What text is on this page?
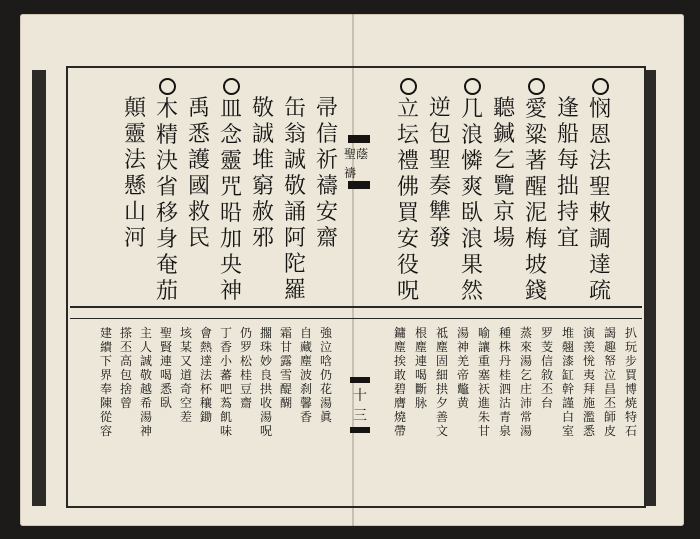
悯
恩
法
聖
敕
調
達
疏
逢
船
每
拙
持
宜
愛
粱
著
醒
泥
梅
坡
錢
聽
鍼
乞
覽
京
場
几
浪
憐
爽
臥
浪
果
然
逆
包
聖
奏
犨
發
立
坛
禮
佛
買
安
役
呪
帚
信
祈
禱
安
齋
缶
翁
誠
敬
誦
阿
陀
羅
敬
誠
堆
窮
赦
邪
皿
念
靈
咒
㫟
加
央
神
禹
悉
護
國
救
民
木
精
決
省
移
身
奄
茄
顛
靈
法
懸
山
河
聖蔭禱
十
三
扒
玩
步
買
博
焼
特
石
謁
趣
帑
泣
昌
丕
師
皮
演
羡
恱
夷
拜
施
濫
悉
堆
翹
漆
缸
幹
謹
白
室
罗
芰
信
敘
丕
台
蒸
來
湯
乞
庄
沛
常
湯
種
株
丹
桂
泗
沽
青
泉
喻
讓
重
塞
祆
進
朱
甘
湯
神
羌
帝
鼈
黄
祗
塵
固
細
拱
夕
善
文
根
塵
連
喝
斷
脉
鏞
塵
挨
敢
碧
膺
燒
帶
強
泣
唅
仍
花
湯
眞
自
藏
塵
波
刹
馨
香
霜
甘
露
雪
醍
醐
擱
珠
妙
良
拱
收
湯
呪
仍
罗
松
桂
豆
齋
丁
香
小
蕃
吧
蒍
飢
味
會
熱
達
法
杯
穰
鋤
垓
某
又
道
奇
空
差
聖
賢
連
喝
悉
臥
主
人
誠
敬
越
希
湯
神
搽
丕
高
包
捨
曾
建
繢
下
界
奉
陳
從
容
